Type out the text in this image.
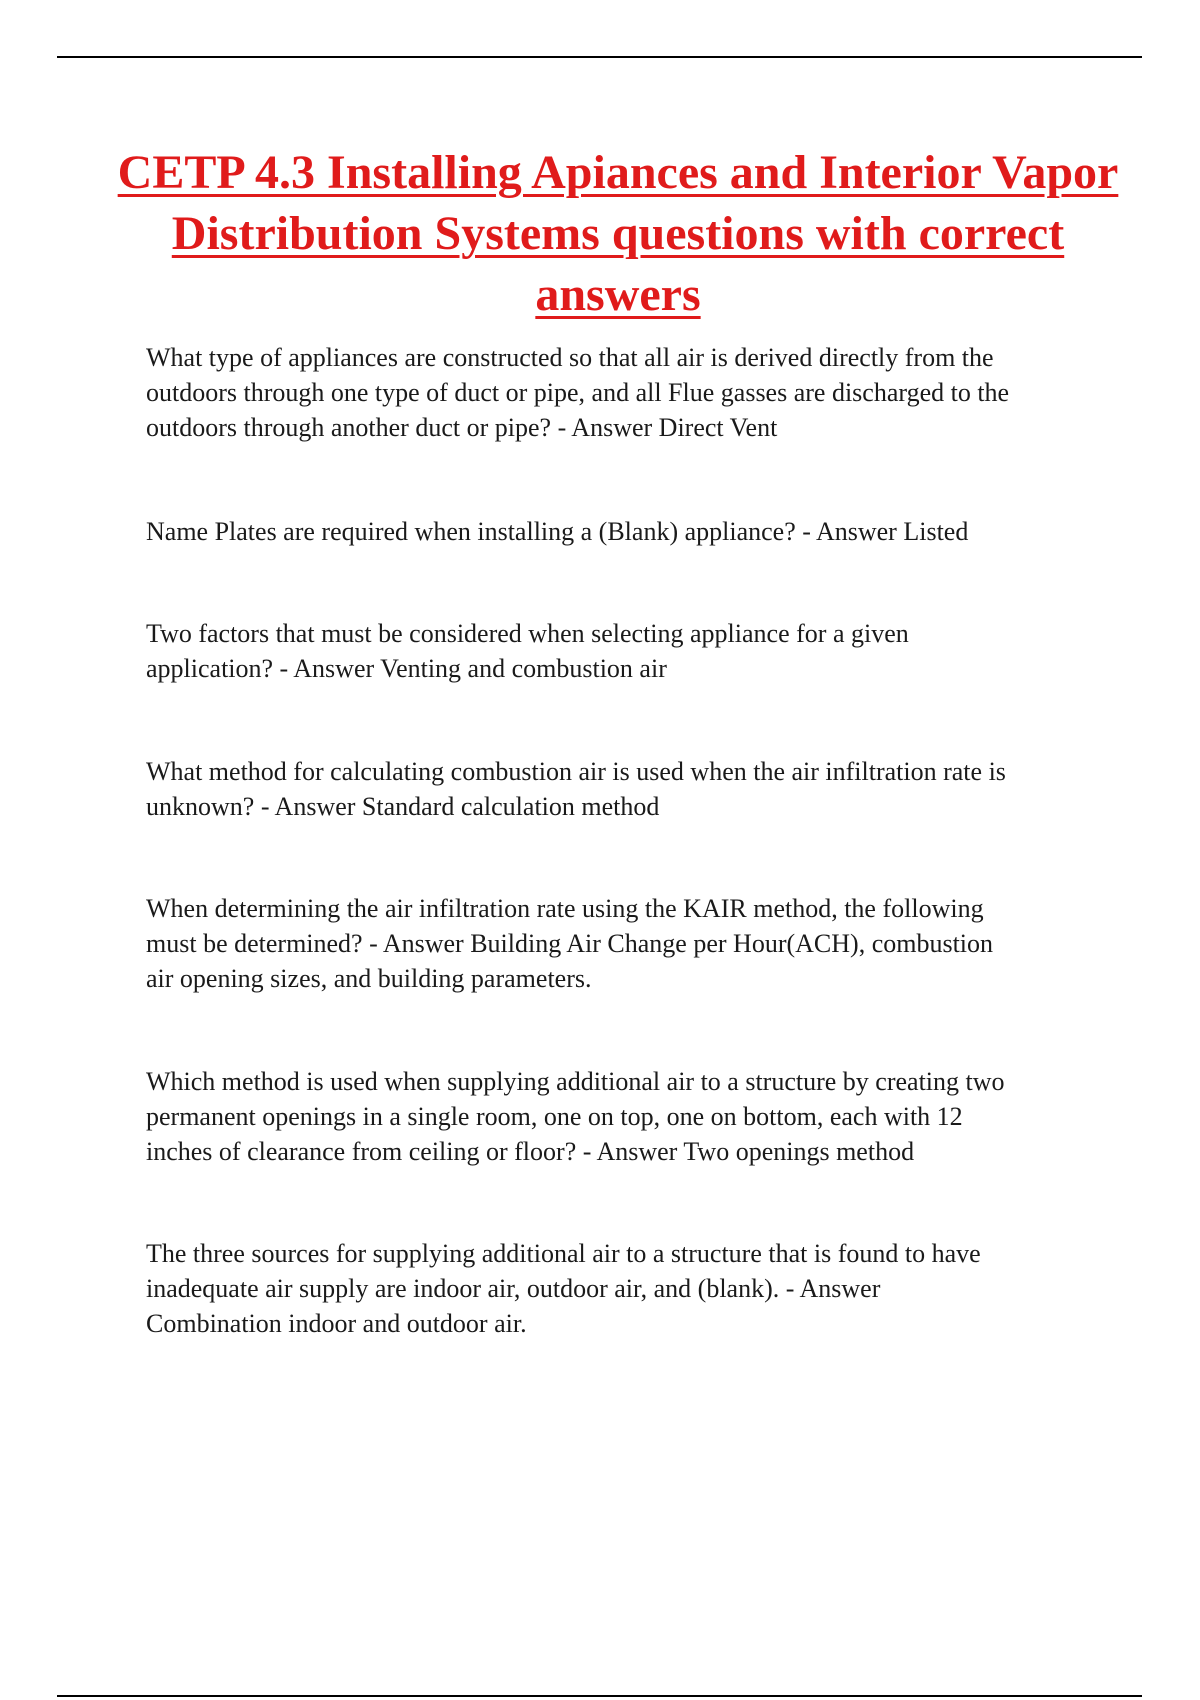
CETP 4.3 Installing Apiances and Interior Vapor Distribution Systems questions with correct answers

What type of appliances are constructed so that all air is derived directly from the
outdoors through one type of duct or pipe, and all Flue gasses are discharged to the
outdoors through another duct or pipe? - Answer Direct Vent

Name Plates are required when installing a (Blank) appliance? - Answer Listed

Two factors that must be considered when selecting appliance for a given
application? - Answer Venting and combustion air

What method for calculating combustion air is used when the air infiltration rate is
unknown? - Answer Standard calculation method

When determining the air infiltration rate using the KAIR method, the following
must be determined? - Answer Building Air Change per Hour(ACH), combustion
air opening sizes, and building parameters.

Which method is used when supplying additional air to a structure by creating two
permanent openings in a single room, one on top, one on bottom, each with 12
inches of clearance from ceiling or floor? - Answer Two openings method

The three sources for supplying additional air to a structure that is found to have
inadequate air supply are indoor air, outdoor air, and (blank). - Answer
Combination indoor and outdoor air.
